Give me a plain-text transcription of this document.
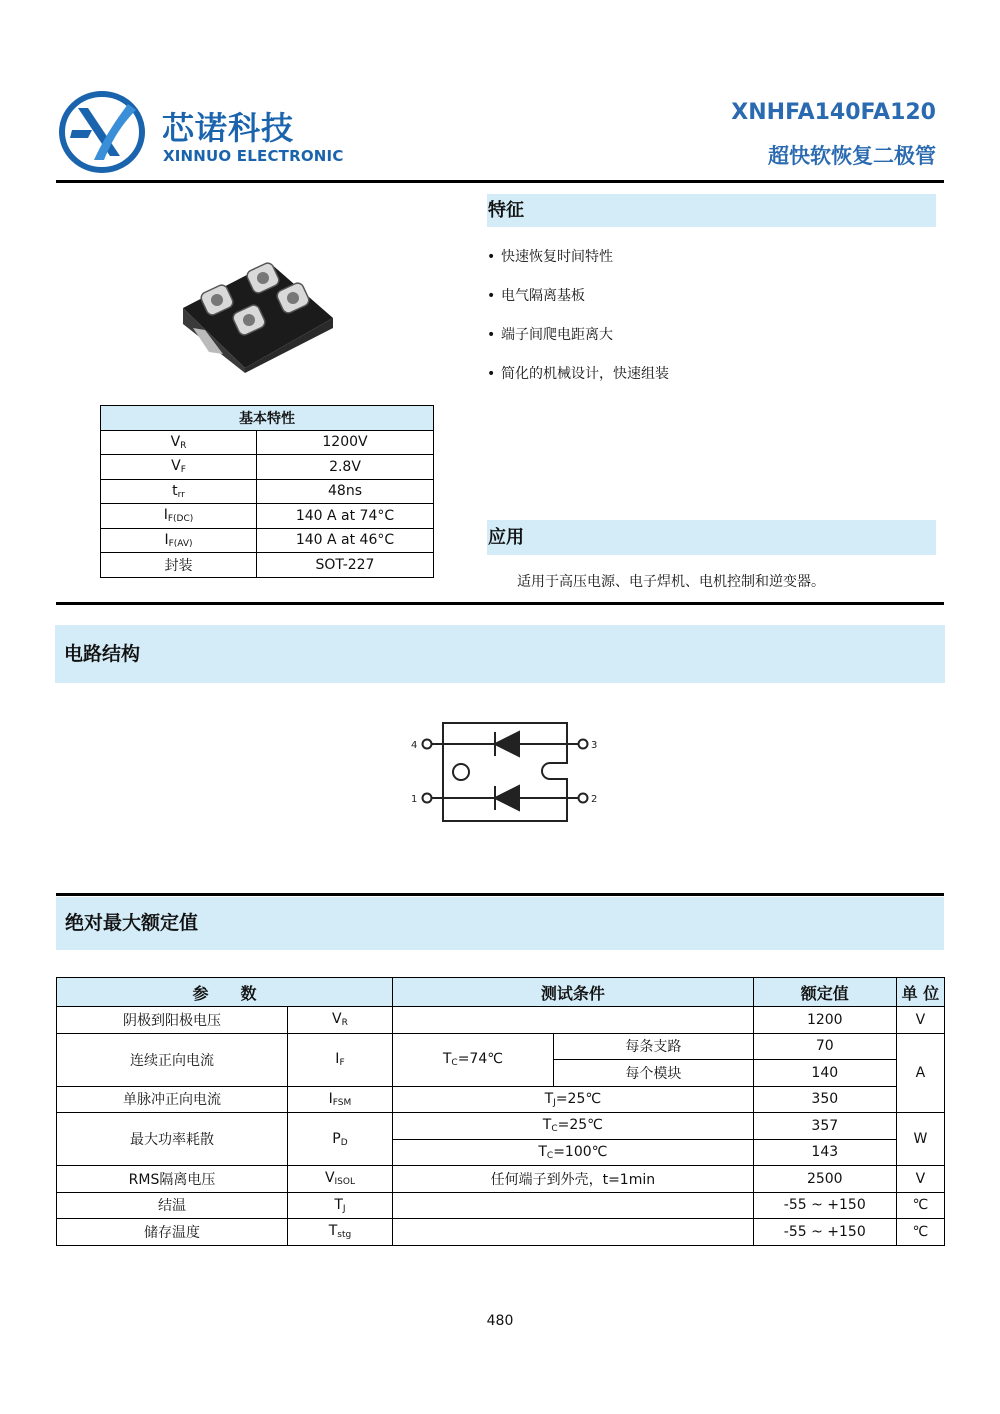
芯诺科技
XINNUO ELECTRONIC
XNHFA140FA120
超快软恢复二极管
基本特性	
$V_R$	1200V
$V_F$	2.8V
$t_{rr}$	48ns
$I_{F(DC)}$	140 A at 74°C
$I_{F(AV)}$	140 A at 46°C
封装	SOT-227
特征
• 快速恢复时间特性
• 电气隔离基板
• 端子间爬电距离大
• 简化的机械设计，快速组装
应用
适用于高压电源、电子焊机、电机控制和逆变器。
电路结构
4	3
1	2
绝对最大额定值
参　　数		测试条件		额定值	单 位
阴极到阳极电压	$V_R$			1200	V
连续正向电流	$I_F$	$T_C=74℃$	每条支路	70	A
			每个模块	140	
单脉冲正向电流	$I_{FSM}$	$T_J=25℃$		350	
最大功率耗散	$P_D$	$T_C=25℃$		357	W
		$T_C=100℃$		143	
RMS隔离电压	$V_{ISOL}$	任何端子到外壳，t=1min		2500	V
结温	$T_J$			-55 ~ +150	℃
储存温度	$T_{stg}$			-55 ~ +150	℃
480
